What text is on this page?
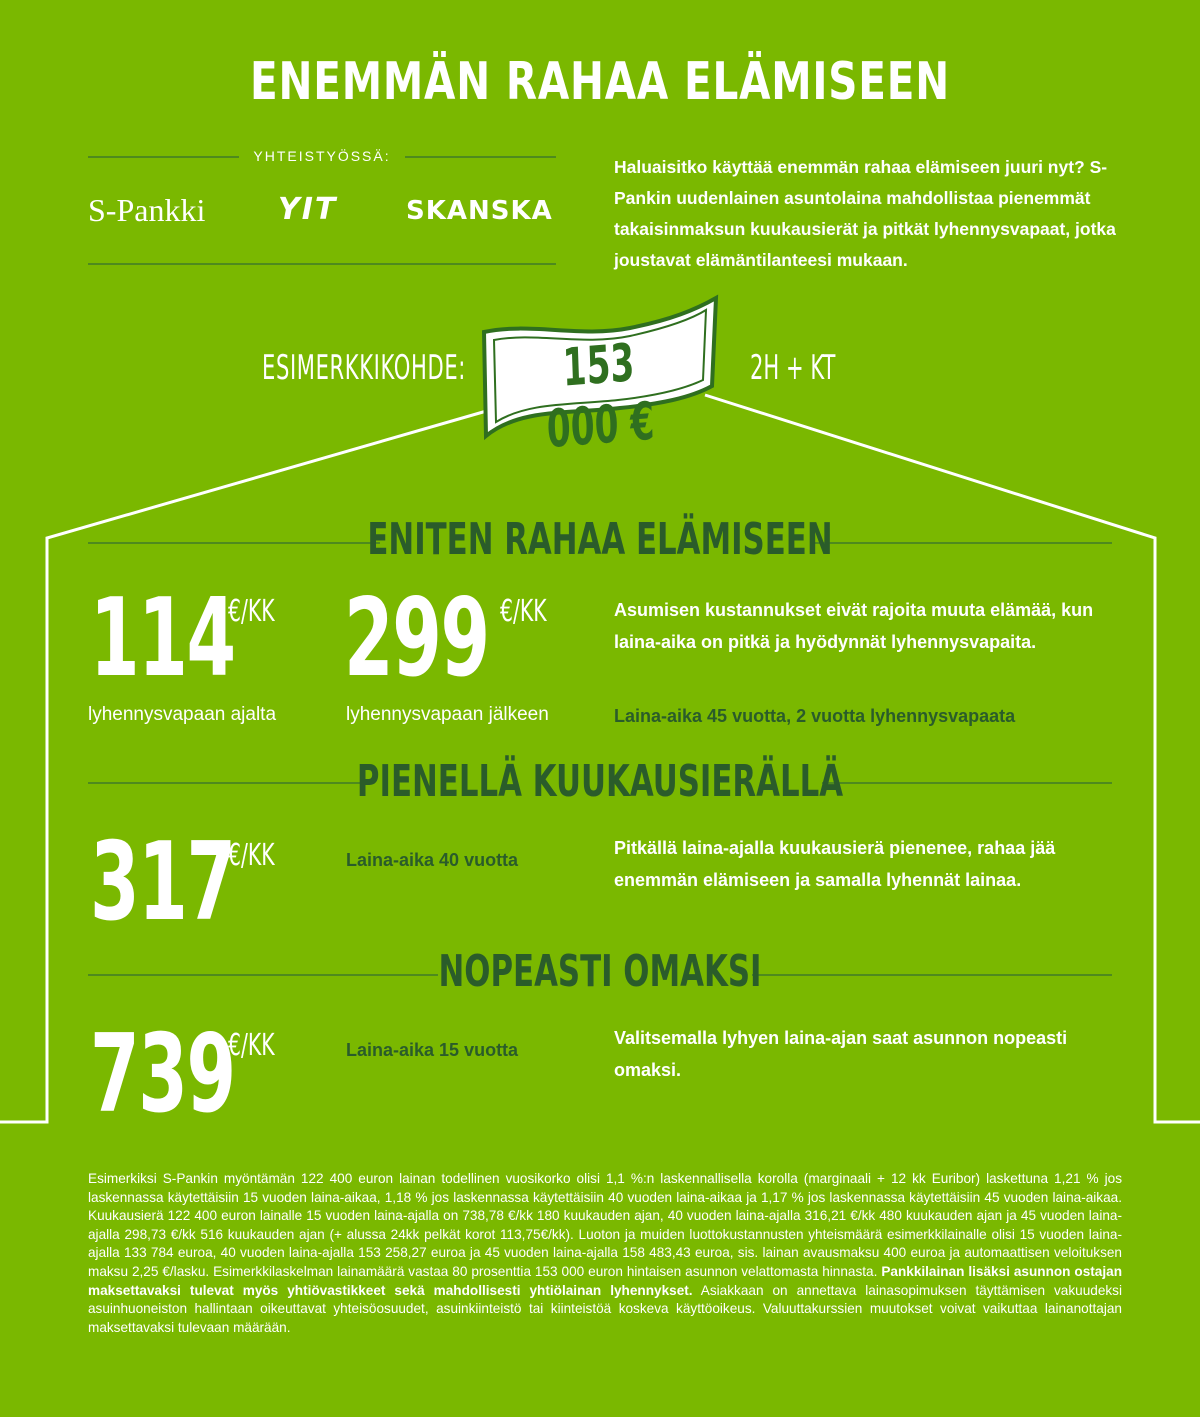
ENEMMÄN RAHAA ELÄMISEEN
YHTEISTYÖSSÄ:
S-Pankki YIT	SKANSKA
Haluaisitko käyttää enemmän rahaa elämiseen juuri nyt? S-Pankin uudenlainen asuntolaina mahdollistaa pienemmät takaisinmaksun kuukausierät ja pitkät lyhennysvapaat, jotka joustavat elämäntilanteesi mukaan.
ESIMERKKIKOHDE:	153 000 €
2H + KT
ENITEN RAHAA ELÄMISEEN
114
€/KK
lyhennysvapaan ajalta
299 €/KK
lyhennysvapaan jälkeen
Asumisen kustannukset eivät rajoita muuta elämää, kun laina-aika on pitkä ja hyödynnät lyhennysvapaita.
Laina-aika 45 vuotta, 2 vuotta lyhennysvapaata
PIENELLÄ KUUKAUSIERÄLLÄ
317
€/KK	Laina-aika 40 vuotta
Pitkällä laina-ajalla kuukausierä pienenee, rahaa jää enemmän elämiseen ja samalla lyhennät lainaa.
NOPEASTI OMAKSI
739
€/KK	Laina-aika 15 vuotta
Valitsemalla lyhyen laina-ajan saat asunnon nopeasti omaksi.
Esimerkiksi S-Pankin myöntämän 122 400 euron lainan todellinen vuosikorko olisi 1,1 %:n laskennallisella korolla (marginaali + 12 kk Euribor) laskettuna 1,21 % jos laskennassa käytettäisiin 15 vuoden laina-aikaa, 1,18 % jos laskennassa käytettäisiin 40 vuoden laina-aikaa ja 1,17 % jos laskennassa käytettäisiin 45 vuoden laina-aikaa. Kuukausierä 122 400 euron lainalle 15 vuoden laina-ajalla on 738,78 €/kk 180 kuukauden ajan, 40 vuoden laina-ajalla 316,21 €/kk 480 kuukauden ajan ja 45 vuoden laina-ajalla 298,73 €/kk 516 kuukauden ajan (+ alussa 24kk pelkät korot 113,75€/kk). Luoton ja muiden luottokustannusten yhteismäärä esimerkkilainalle olisi 15 vuoden laina-ajalla 133 784 euroa, 40 vuoden laina-ajalla 153 258,27 euroa ja 45 vuoden laina-ajalla 158 483,43 euroa, sis. lainan avausmaksu 400 euroa ja automaattisen veloituksen maksu 2,25 €/lasku. Esimerkkilaskelman lainamäärä vastaa 80 prosenttia 153 000 euron hintaisen asunnon velattomasta hinnasta. Pankkilainan lisäksi asunnon ostajan maksettavaksi tulevat myös yhtiövastikkeet sekä mahdollisesti yhtiölainan lyhennykset. Asiakkaan on annettava lainasopimuksen täyttämisen vakuudeksi asuinhuoneiston hallintaan oikeuttavat yhteisöosuudet, asuinkiinteistö tai kiinteistöä koskeva käyttöoikeus. Valuuttakurssien muutokset voivat vaikuttaa lainanottajan maksettavaksi tulevaan määrään.
